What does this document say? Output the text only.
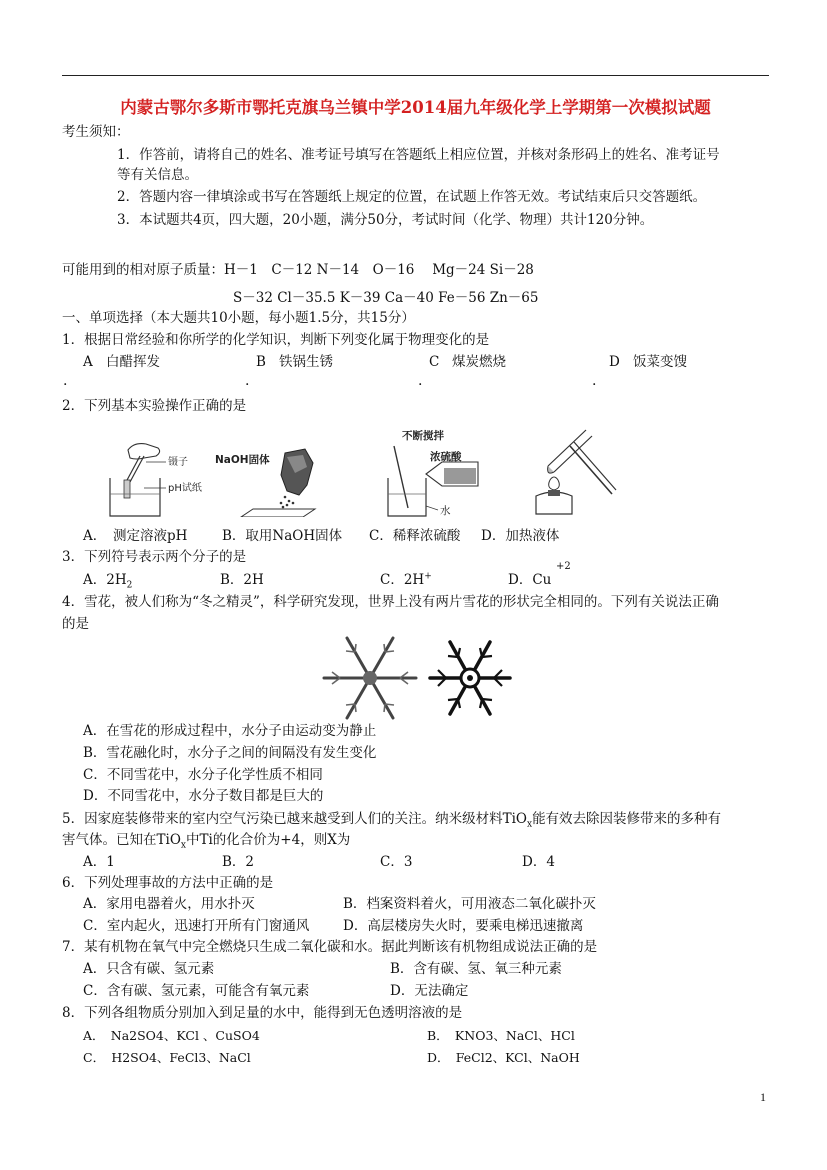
内蒙古鄂尔多斯市鄂托克旗乌兰镇中学2014届九年级化学上学期第一次模拟试题
考生须知：
1．作答前，请将自己的姓名、准考证号填写在答题纸上相应位置，并核对条形码上的姓名、准考证号
等有关信息。
2．答题内容一律填涂或书写在答题纸上规定的位置，在试题上作答无效。考试结束后只交答题纸。
3．本试题共4页，四大题，20小题，满分50分，考试时间（化学、物理）共计120分钟。
可能用到的相对原子质量：H－1　C－12 N－14　O－16　 Mg－24 Si－28
S－32 Cl－35.5 K－39 Ca－40 Fe－56 Zn－65
一、单项选择（本大题共10小题，每小题1.5分，共15分）
1．根据日常经验和你所学的化学知识，判断下列变化属于物理变化的是
A 白醋挥发	B 铁锅生锈	C 煤炭燃烧	D 饭菜变馊
.	.	.	.
2．下列基本实验操作正确的是
镊子
pH试纸
NaOH固体
不断搅拌
浓硫酸
水
A．　测定溶液pH	B．取用NaOH固体 C．稀释浓硫酸 D．加热液体
3．下列符号表示两个分子的是
A．$2H_2$	B．2H	C．2H+	D．Cu
+2
4．雪花，被人们称为“冬之精灵”，科学研究发现，世界上没有两片雪花的形状完全相同的。下列有关说法正确
的是
A．在雪花的形成过程中，水分子由运动变为静止
B．雪花融化时，水分子之间的间隔没有发生变化
C．不同雪花中，水分子化学性质不相同
D．不同雪花中，水分子数目都是巨大的
5．因家庭装修带来的室内空气污染已越来越受到人们的关注。纳米级材料TiO$_x$能有效去除因装修带来的多种有
害气体。已知在TiO$_x$中Ti的化合价为+4，则X为
A．1	B．2	C．3	D．4
6．下列处理事故的方法中正确的是
A．家用电器着火，用水扑灭	B．档案资料着火，可用液态二氧化碳扑灭
C．室内起火，迅速打开所有门窗通风 D．高层楼房失火时，要乘电梯迅速撤离
7．某有机物在氧气中完全燃烧只生成二氧化碳和水。据此判断该有机物组成说法正确的是
A．只含有碳、氢元素	B．含有碳、氢、氧三种元素
C．含有碳、氢元素，可能含有氧元素	D．无法确定
8．下列各组物质分别加入到足量的水中，能得到无色透明溶液的是
A．　Na2SO4、KCl 、CuSO4	B．　KNO3、NaCl、HCl
C．　H2SO4、FeCl3、NaCl	D．　FeCl2、KCl、NaOH
1
